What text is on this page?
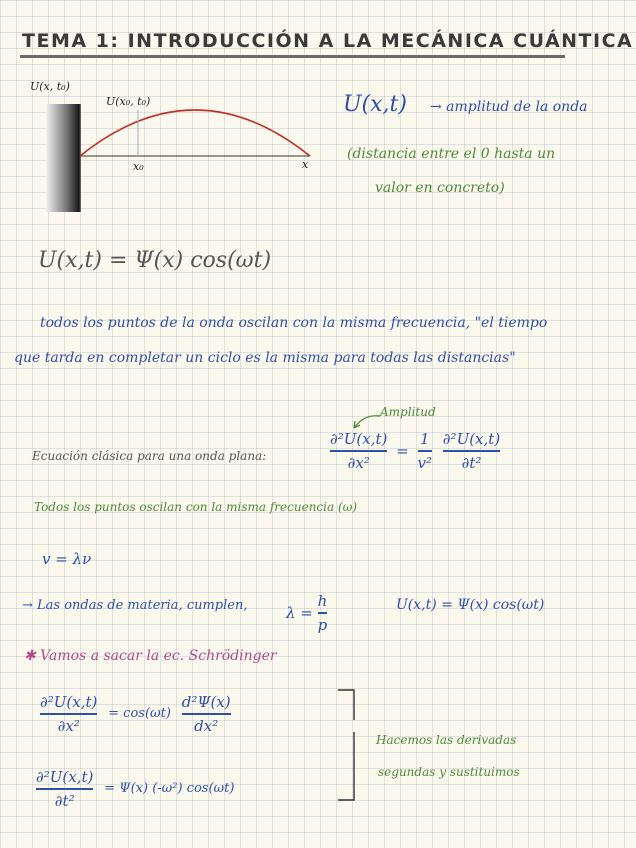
TEMA 1: INTRODUCCIÓN A LA MECÁNICA CUÁNTICA
U(x, t₀)
U(x₀, t₀)
x₀	x
U(x,t) → amplitud de la onda
(distancia entre el 0 hasta un
valor en concreto)
U(x,t) = Ψ(x) cos(ωt)
todos los puntos de la onda oscilan con la misma frecuencia, "el tiempo
que tarda en completar un ciclo es la misma para todas las distancias"
Amplitud
Ecuación clásica para una onda plana:	$\frac{\text{∂²U(x,t)}}{\text{∂x²}} = \frac{1}{\text{v²}}$
$\frac{\text{∂²U(x,t)}}{\text{∂t²}}$
Todos los puntos oscilan con la misma frecuencia (ω)
v = λν
→ Las ondas de materia, cumplen,	$\lambda = \frac{h}{p}$	U(x,t) = Ψ(x) cos(ωt)
✱ Vamos a sacar la ec. Schrödinger
$\frac{\text{∂²U(x,t)}}{\text{∂x²}} = \cos(\omega t) \frac{\text{d²Ψ(x)}}{\text{dx²}}$
$\frac{\text{∂²U(x,t)}}{\text{∂t²}} = \Psi(x)$ (-ω²) cos(ωt)
Hacemos las derivadas
segundas y sustituimos
